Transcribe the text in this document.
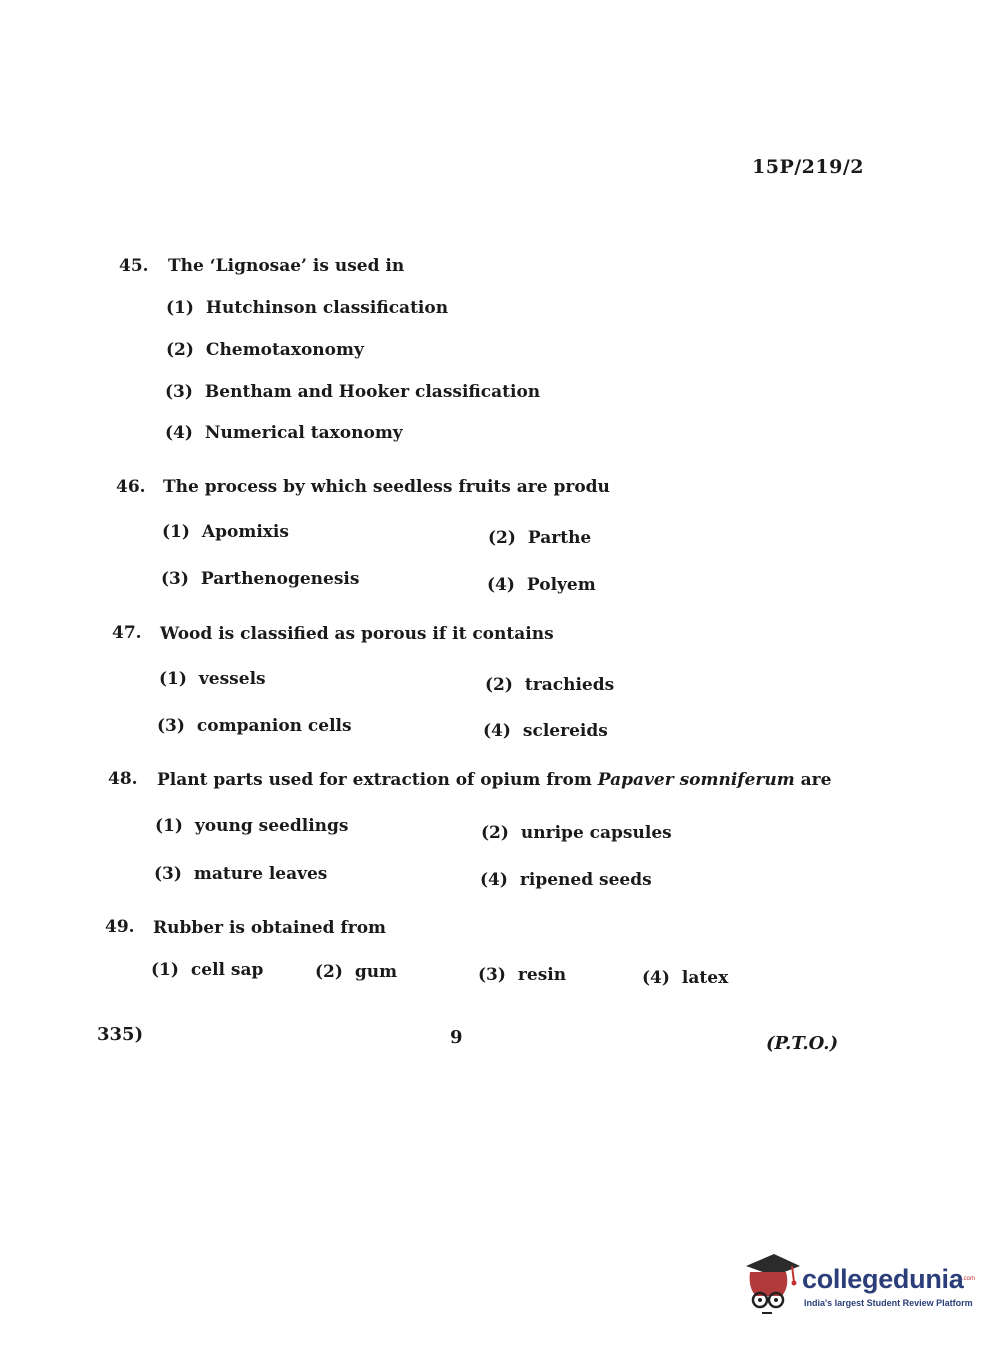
15P/219/2
45. The ‘Lignosae’ is used in
(1) Hutchinson classification
(2) Chemotaxonomy
(3) Bentham and Hooker classification
(4) Numerical taxonomy
46. The process by which seedless fruits are produ
(1) Apomixis	(2) Parthe
(3) Parthenogenesis	(4) Polyem
47. Wood is classified as porous if it contains
(1) vessels	(2) trachieds
(3) companion cells	(4) sclereids
48. Plant parts used for extraction of opium from Papaver somniferum are
(1) young seedlings	(2) unripe capsules
(3) mature leaves	(4) ripened seeds
49. Rubber is obtained from
(1) cell sap	(2) gum	(3) resin	(4) latex
335)	9	(P.T.O.)
collegedunia
.com
India's largest Student Review Platform
